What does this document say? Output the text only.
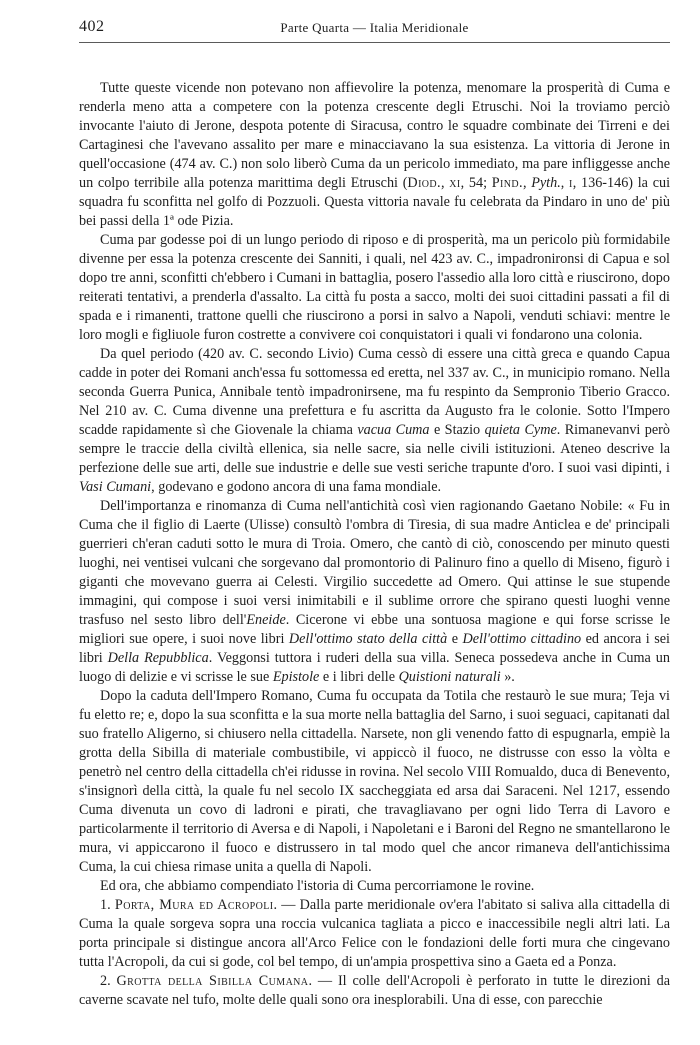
402	Parte Quarta — Italia Meridionale

Tutte queste vicende non potevano non affievolire la potenza, menomare la prosperità di Cuma e renderla meno atta a competere con la potenza crescente degli Etruschi. Noi la troviamo perciò invocante l'aiuto di Jerone, despota potente di Siracusa, contro le squadre combinate dei Tirreni e dei Cartaginesi che l'avevano assalito per mare e minacciavano la sua esistenza. La vittoria di Jerone in quell'occasione (474 av. C.) non solo liberò Cuma da un pericolo immediato, ma pare infliggesse anche un colpo terribile alla potenza marittima degli Etruschi (Diod., xi, 54; Pind., Pyth., i, 136-146) la cui squadra fu sconfitta nel golfo di Pozzuoli. Questa vittoria navale fu celebrata da Pindaro in uno de' più bei passi della 1ª ode Pizia.

Cuma par godesse poi di un lungo periodo di riposo e di prosperità, ma un pericolo più formidabile divenne per essa la potenza crescente dei Sanniti, i quali, nel 423 av. C., impadronironsi di Capua e sol dopo tre anni, sconfitti ch'ebbero i Cumani in battaglia, posero l'assedio alla loro città e riuscirono, dopo reiterati tentativi, a prenderla d'assalto. La città fu posta a sacco, molti dei suoi cittadini passati a fil di spada e i rimanenti, trattone quelli che riuscirono a porsi in salvo a Napoli, venduti schiavi: mentre le loro mogli e figliuole furon costrette a convivere coi conquistatori i quali vi fondarono una colonia.

Da quel periodo (420 av. C. secondo Livio) Cuma cessò di essere una città greca e quando Capua cadde in poter dei Romani anch'essa fu sottomessa ed eretta, nel 337 av. C., in municipio romano. Nella seconda Guerra Punica, Annibale tentò impadronirsene, ma fu respinto da Sempronio Tiberio Gracco. Nel 210 av. C. Cuma divenne una prefettura e fu ascritta da Augusto fra le colonie. Sotto l'Impero scadde rapidamente sì che Giovenale la chiama vacua Cuma e Stazio quieta Cyme. Rimanevanvi però sempre le traccie della civiltà ellenica, sia nelle sacre, sia nelle civili istituzioni. Ateneo descrive la perfezione delle sue arti, delle sue industrie e delle sue vesti seriche trapunte d'oro. I suoi vasi dipinti, i Vasi Cumani, godevano e godono ancora di una fama mondiale.

Dell'importanza e rinomanza di Cuma nell'antichità così vien ragionando Gaetano Nobile: « Fu in Cuma che il figlio di Laerte (Ulisse) consultò l'ombra di Tiresia, di sua madre Anticlea e de' principali guerrieri ch'eran caduti sotto le mura di Troia. Omero, che cantò di ciò, conoscendo per minuto questi luoghi, nei ventisei vulcani che sorgevano dal promontorio di Palinuro fino a quello di Miseno, figurò i giganti che movevano guerra ai Celesti. Virgilio succedette ad Omero. Qui attinse le sue stupende immagini, qui compose i suoi versi inimitabili e il sublime orrore che spirano questi luoghi venne trasfuso nel sesto libro dell'Eneide. Cicerone vi ebbe una sontuosa magione e qui forse scrisse le migliori sue opere, i suoi nove libri Dell'ottimo stato della città e Dell'ottimo cittadino ed ancora i sei libri Della Repubblica. Veggonsi tuttora i ruderi della sua villa. Seneca possedeva anche in Cuma un luogo di delizie e vi scrisse le sue Epistole e i libri delle Quistioni naturali ».

Dopo la caduta dell'Impero Romano, Cuma fu occupata da Totila che restaurò le sue mura; Teja vi fu eletto re; e, dopo la sua sconfitta e la sua morte nella battaglia del Sarno, i suoi seguaci, capitanati dal suo fratello Aligerno, si chiusero nella cittadella. Narsete, non gli venendo fatto di espugnarla, empiè la grotta della Sibilla di materiale combustibile, vi appiccò il fuoco, ne distrusse con esso la vòlta e penetrò nel centro della cittadella ch'ei ridusse in rovina. Nel secolo VIII Romualdo, duca di Benevento, s'insignorì della città, la quale fu nel secolo IX saccheggiata ed arsa dai Saraceni. Nel 1217, essendo Cuma divenuta un covo di ladroni e pirati, che travagliavano per ogni lido Terra di Lavoro e particolarmente il territorio di Aversa e di Napoli, i Napoletani e i Baroni del Regno ne smantellarono le mura, vi appiccarono il fuoco e distrussero in tal modo quel che ancor rimaneva dell'antichissima Cuma, la cui chiesa rimase unita a quella di Napoli.

Ed ora, che abbiamo compendiato l'istoria di Cuma percorriamone le rovine.

1. Porta, Mura ed Acropoli. — Dalla parte meridionale ov'era l'abitato si saliva alla cittadella di Cuma la quale sorgeva sopra una roccia vulcanica tagliata a picco e inaccessibile negli altri lati. La porta principale si distingue ancora all'Arco Felice con le fondazioni delle forti mura che cingevano tutta l'Acropoli, da cui si gode, col bel tempo, di un'ampia prospettiva sino a Gaeta ed a Ponza.

2. Grotta della Sibilla Cumana. — Il colle dell'Acropoli è perforato in tutte le direzioni da caverne scavate nel tufo, molte delle quali sono ora inesplorabili. Una di esse, con parecchie
